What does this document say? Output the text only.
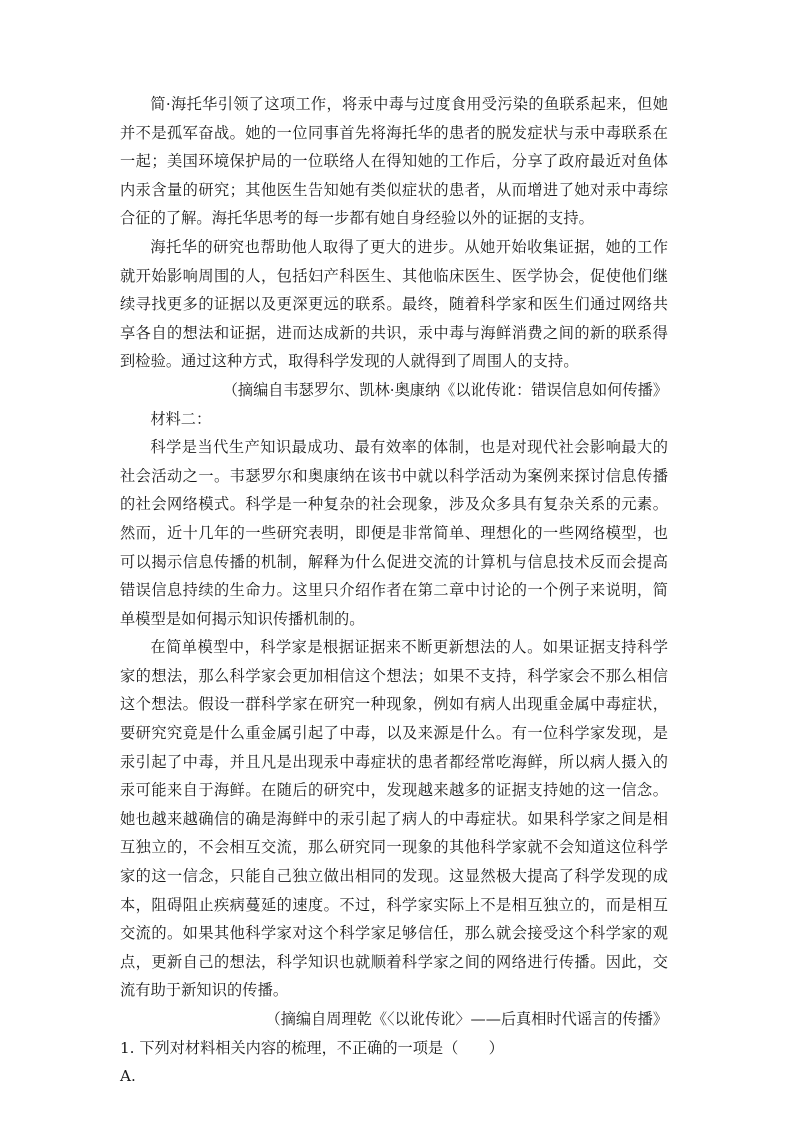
简·海托华引领了这项工作，将汞中毒与过度食用受污染的鱼联系起来，但她并不是孤军奋战。她的一位同事首先将海托华的患者的脱发症状与汞中毒联系在一起；美国环境保护局的一位联络人在得知她的工作后，分享了政府最近对鱼体内汞含量的研究；其他医生告知她有类似症状的患者，从而增进了她对汞中毒综合征的了解。海托华思考的每一步都有她自身经验以外的证据的支持。

海托华的研究也帮助他人取得了更大的进步。从她开始收集证据，她的工作就开始影响周围的人，包括妇产科医生、其他临床医生、医学协会，促使他们继续寻找更多的证据以及更深更远的联系。最终，随着科学家和医生们通过网络共享各自的想法和证据，进而达成新的共识，汞中毒与海鲜消费之间的新的联系得到检验。通过这种方式，取得科学发现的人就得到了周围人的支持。

（摘编自韦瑟罗尔、凯林·奥康纳《以讹传讹：错误信息如何传播》

材料二：

科学是当代生产知识最成功、最有效率的体制，也是对现代社会影响最大的社会活动之一。韦瑟罗尔和奥康纳在该书中就以科学活动为案例来探讨信息传播的社会网络模式。科学是一种复杂的社会现象，涉及众多具有复杂关系的元素。然而，近十几年的一些研究表明，即便是非常简单、理想化的一些网络模型，也可以揭示信息传播的机制，解释为什么促进交流的计算机与信息技术反而会提高错误信息持续的生命力。这里只介绍作者在第二章中讨论的一个例子来说明，简单模型是如何揭示知识传播机制的。

在简单模型中，科学家是根据证据来不断更新想法的人。如果证据支持科学家的想法，那么科学家会更加相信这个想法；如果不支持，科学家会不那么相信这个想法。假设一群科学家在研究一种现象，例如有病人出现重金属中毒症状，要研究究竟是什么重金属引起了中毒，以及来源是什么。有一位科学家发现，是汞引起了中毒，并且凡是出现汞中毒症状的患者都经常吃海鲜，所以病人摄入的汞可能来自于海鲜。在随后的研究中，发现越来越多的证据支持她的这一信念。她也越来越确信的确是海鲜中的汞引起了病人的中毒症状。如果科学家之间是相互独立的，不会相互交流，那么研究同一现象的其他科学家就不会知道这位科学家的这一信念，只能自己独立做出相同的发现。这显然极大提高了科学发现的成本，阻碍阻止疾病蔓延的速度。不过，科学家实际上不是相互独立的，而是相互交流的。如果其他科学家对这个科学家足够信任，那么就会接受这个科学家的观点，更新自己的想法，科学知识也就顺着科学家之间的网络进行传播。因此，交流有助于新知识的传播。

（摘编自周理乾《〈以讹传讹〉——后真相时代谣言的传播》

1. 下列对材料相关内容的梳理，不正确的一项是（　　）

A.
